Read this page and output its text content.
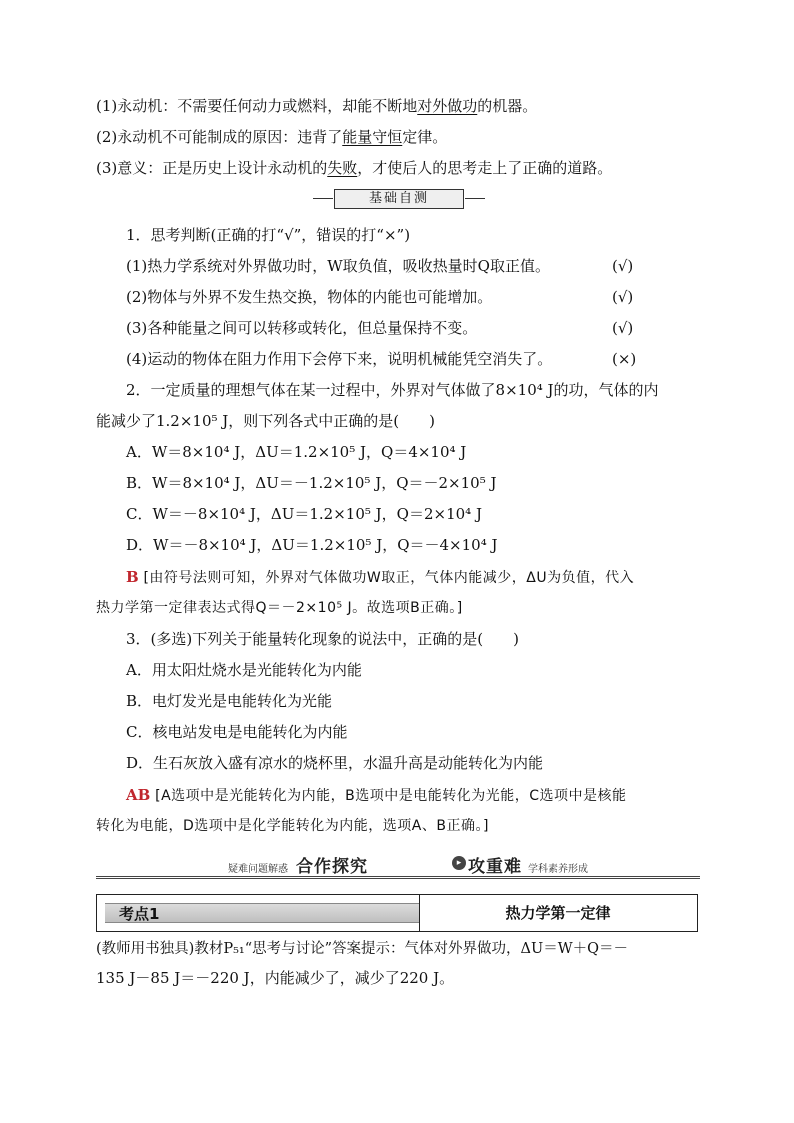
(1)永动机：不需要任何动力或燃料，却能不断地对外做功的机器。
(2)永动机不可能制成的原因：违背了能量守恒定律。
(3)意义：正是历史上设计永动机的失败，才使后人的思考走上了正确的道路。
基础自测
1．思考判断(正确的打“√”，错误的打“×”)
(1)热力学系统对外界做功时，W取负值，吸收热量时Q取正值。	(√)
(2)物体与外界不发生热交换，物体的内能也可能增加。	(√)
(3)各种能量之间可以转移或转化，但总量保持不变。	(√)
(4)运动的物体在阻力作用下会停下来，说明机械能凭空消失了。	(×)
2．一定质量的理想气体在某一过程中，外界对气体做了8×10⁴ J的功，气体的内
能减少了1.2×10⁵ J，则下列各式中正确的是(　　)
A．W＝8×10⁴ J，ΔU＝1.2×10⁵ J，Q＝4×10⁴ J
B．W＝8×10⁴ J，ΔU＝－1.2×10⁵ J，Q＝－2×10⁵ J
C．W＝－8×10⁴ J，ΔU＝1.2×10⁵ J，Q＝2×10⁴ J
D．W＝－8×10⁴ J，ΔU＝1.2×10⁵ J，Q＝－4×10⁴ J
B [由符号法则可知，外界对气体做功W取正，气体内能减少，ΔU为负值，代入
热力学第一定律表达式得Q＝－2×10⁵ J。故选项B正确。]
3．(多选)下列关于能量转化现象的说法中，正确的是(　　)
A．用太阳灶烧水是光能转化为内能
B．电灯发光是电能转化为光能
C．核电站发电是电能转化为内能
D．生石灰放入盛有凉水的烧杯里，水温升高是动能转化为内能
AB [A选项中是光能转化为内能，B选项中是电能转化为光能，C选项中是核能
转化为电能，D选项中是化学能转化为内能，选项A、B正确。]
疑难问题解惑 合作探究	▸ 攻重难 学科素养形成
考点1	热力学第一定律
(教师用书独具)教材P₅₁“思考与讨论”答案提示：气体对外界做功，ΔU＝W＋Q＝－
135 J－85 J＝－220 J，内能减少了，减少了220 J。
